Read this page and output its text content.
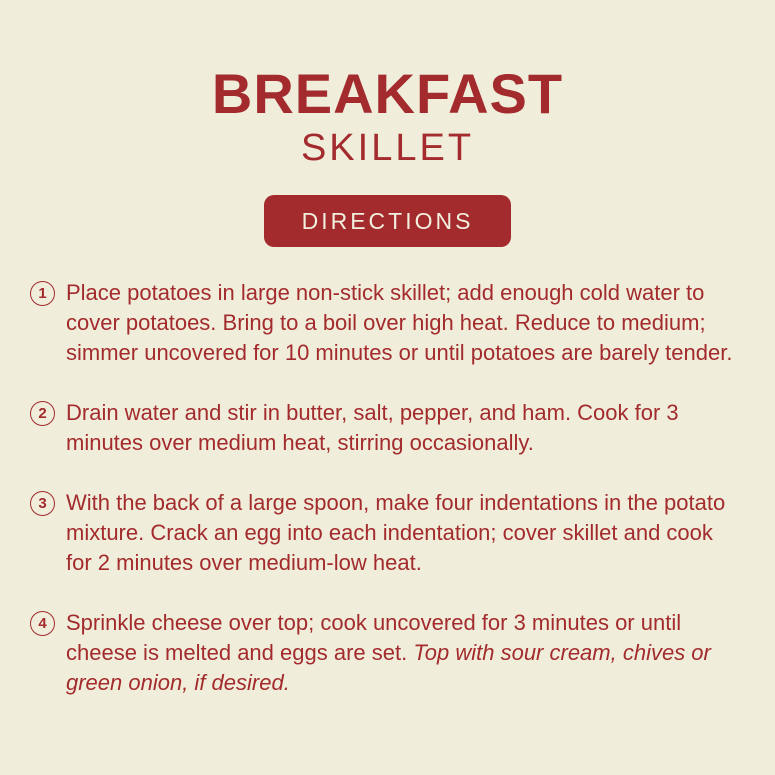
BREAKFAST
SKILLET
DIRECTIONS
1 Place potatoes in large non-stick skillet; add enough cold water to cover potatoes. Bring to a boil over high heat. Reduce to medium; simmer uncovered for 10 minutes or until potatoes are barely tender.

2 Drain water and stir in butter, salt, pepper, and ham. Cook for 3 minutes over medium heat, stirring occasionally.

3 With the back of a large spoon, make four indentations in the potato mixture. Crack an egg into each indentation; cover skillet and cook for 2 minutes over medium-low heat.

4 Sprinkle cheese over top; cook uncovered for 3 minutes or until cheese is melted and eggs are set. Top with sour cream, chives or green onion, if desired.
